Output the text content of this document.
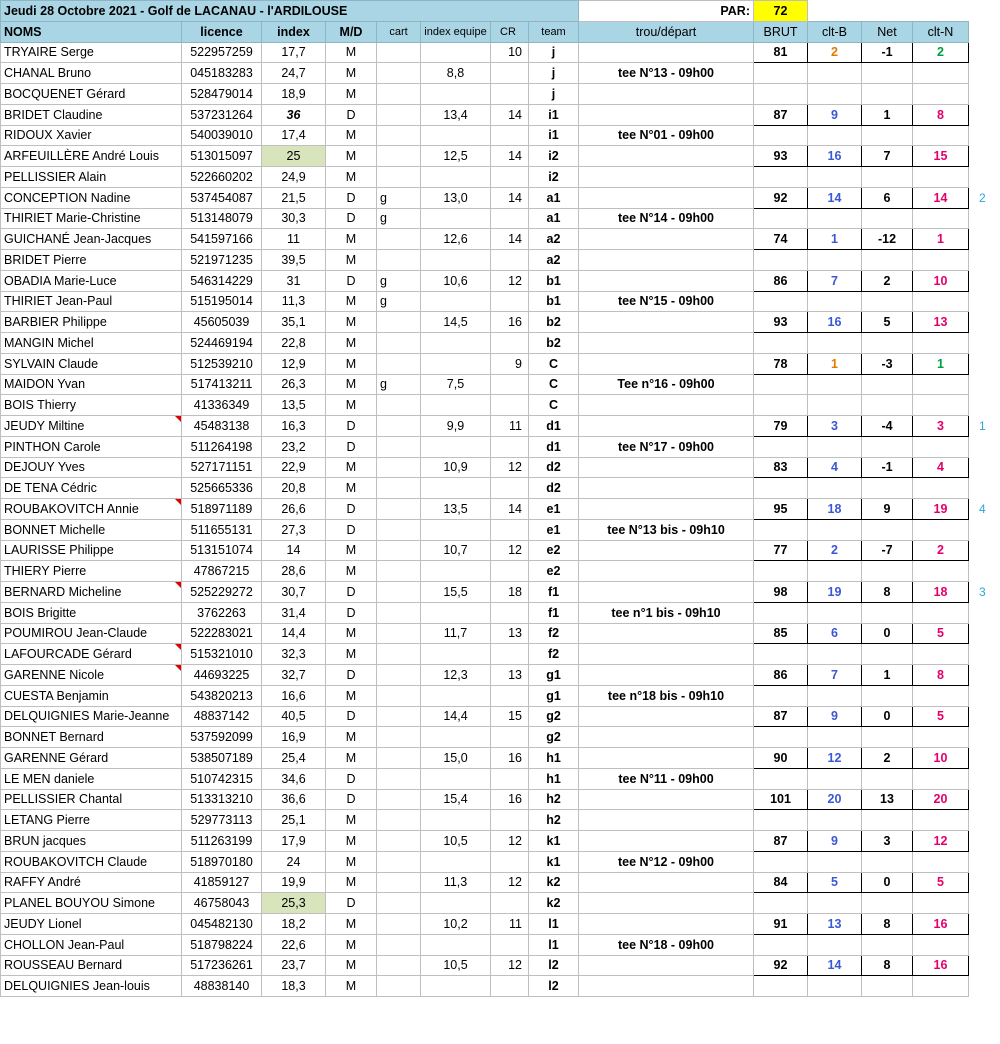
Jeudi 28 Octobre 2021 - Golf de LACANAU - l'ARDILOUSE								PAR:	72				
NOMS	licence	index	M/D	cart	index equipe	CR	team	trou/départ	BRUT	clt-B	Net	clt-N	
TRYAIRE Serge	522957259	17,7	M			10	j		81	2	-1	2	
CHANAL Bruno	045183283	24,7	M		8,8		j	tee N°13 - 09h00					
BOCQUENET Gérard	528479014	18,9	M				j						
BRIDET Claudine	537231264	36	D		13,4	14	i1		87	9	1	8	
RIDOUX Xavier	540039010	17,4	M				i1	tee N°01 - 09h00					
ARFEUILLÈRE André Louis	513015097	25	M		12,5	14	i2		93	16	7	15	
PELLISSIER Alain	522660202	24,9	M				i2						
CONCEPTION Nadine	537454087	21,5	D	g	13,0	14	a1		92	14	6	14	2
THIRIET Marie-Christine	513148079	30,3	D	g			a1	tee N°14 - 09h00					
GUICHANÉ Jean-Jacques	541597166	11	M		12,6	14	a2		74	1	-12	1	
BRIDET Pierre	521971235	39,5	M				a2						
OBADIA Marie-Luce	546314229	31	D	g	10,6	12	b1		86	7	2	10	
THIRIET Jean-Paul	515195014	11,3	M	g			b1	tee N°15 - 09h00					
BARBIER Philippe	45605039	35,1	M		14,5	16	b2		93	16	5	13	
MANGIN Michel	524469194	22,8	M				b2						
SYLVAIN Claude	512539210	12,9	M			9	C		78	1	-3	1	
MAIDON Yvan	517413211	26,3	M	g	7,5		C	Tee n°16 - 09h00					
BOIS Thierry	41336349	13,5	M				C						
JEUDY Miltine	45483138	16,3	D		9,9	11	d1		79	3	-4	3	1
PINTHON Carole	511264198	23,2	D				d1	tee N°17 - 09h00					
DEJOUY Yves	527171151	22,9	M		10,9	12	d2		83	4	-1	4	
DE TENA Cédric	525665336	20,8	M				d2						
ROUBAKOVITCH Annie	518971189	26,6	D		13,5	14	e1		95	18	9	19	4
BONNET Michelle	511655131	27,3	D				e1	tee N°13 bis - 09h10					
LAURISSE Philippe	513151074	14	M		10,7	12	e2		77	2	-7	2	
THIERY Pierre	47867215	28,6	M				e2						
BERNARD Micheline	525229272	30,7	D		15,5	18	f1		98	19	8	18	3
BOIS Brigitte	3762263	31,4	D				f1	tee n°1 bis - 09h10					
POUMIROU Jean-Claude	522283021	14,4	M		11,7	13	f2		85	6	0	5	
LAFOURCADE Gérard	515321010	32,3	M				f2						
GARENNE Nicole	44693225	32,7	D		12,3	13	g1		86	7	1	8	
CUESTA Benjamin	543820213	16,6	M				g1	tee n°18 bis - 09h10					
DELQUIGNIES Marie-Jeanne	48837142	40,5	D		14,4	15	g2		87	9	0	5	
BONNET Bernard	537592099	16,9	M				g2						
GARENNE Gérard	538507189	25,4	M		15,0	16	h1		90	12	2	10	
LE MEN daniele	510742315	34,6	D				h1	tee N°11 - 09h00					
PELLISSIER Chantal	513313210	36,6	D		15,4	16	h2		101	20	13	20	
LETANG Pierre	529773113	25,1	M				h2						
BRUN jacques	511263199	17,9	M		10,5	12	k1		87	9	3	12	
ROUBAKOVITCH Claude	518970180	24	M				k1	tee N°12 - 09h00					
RAFFY André	41859127	19,9	M		11,3	12	k2		84	5	0	5	
PLANEL BOUYOU Simone	46758043	25,3	D				k2						
JEUDY Lionel	045482130	18,2	M		10,2	11	l1		91	13	8	16	
CHOLLON Jean-Paul	518798224	22,6	M				l1	tee N°18 - 09h00					
ROUSSEAU Bernard	517236261	23,7	M		10,5	12	l2		92	14	8	16	
DELQUIGNIES Jean-louis	48838140	18,3	M				l2						
